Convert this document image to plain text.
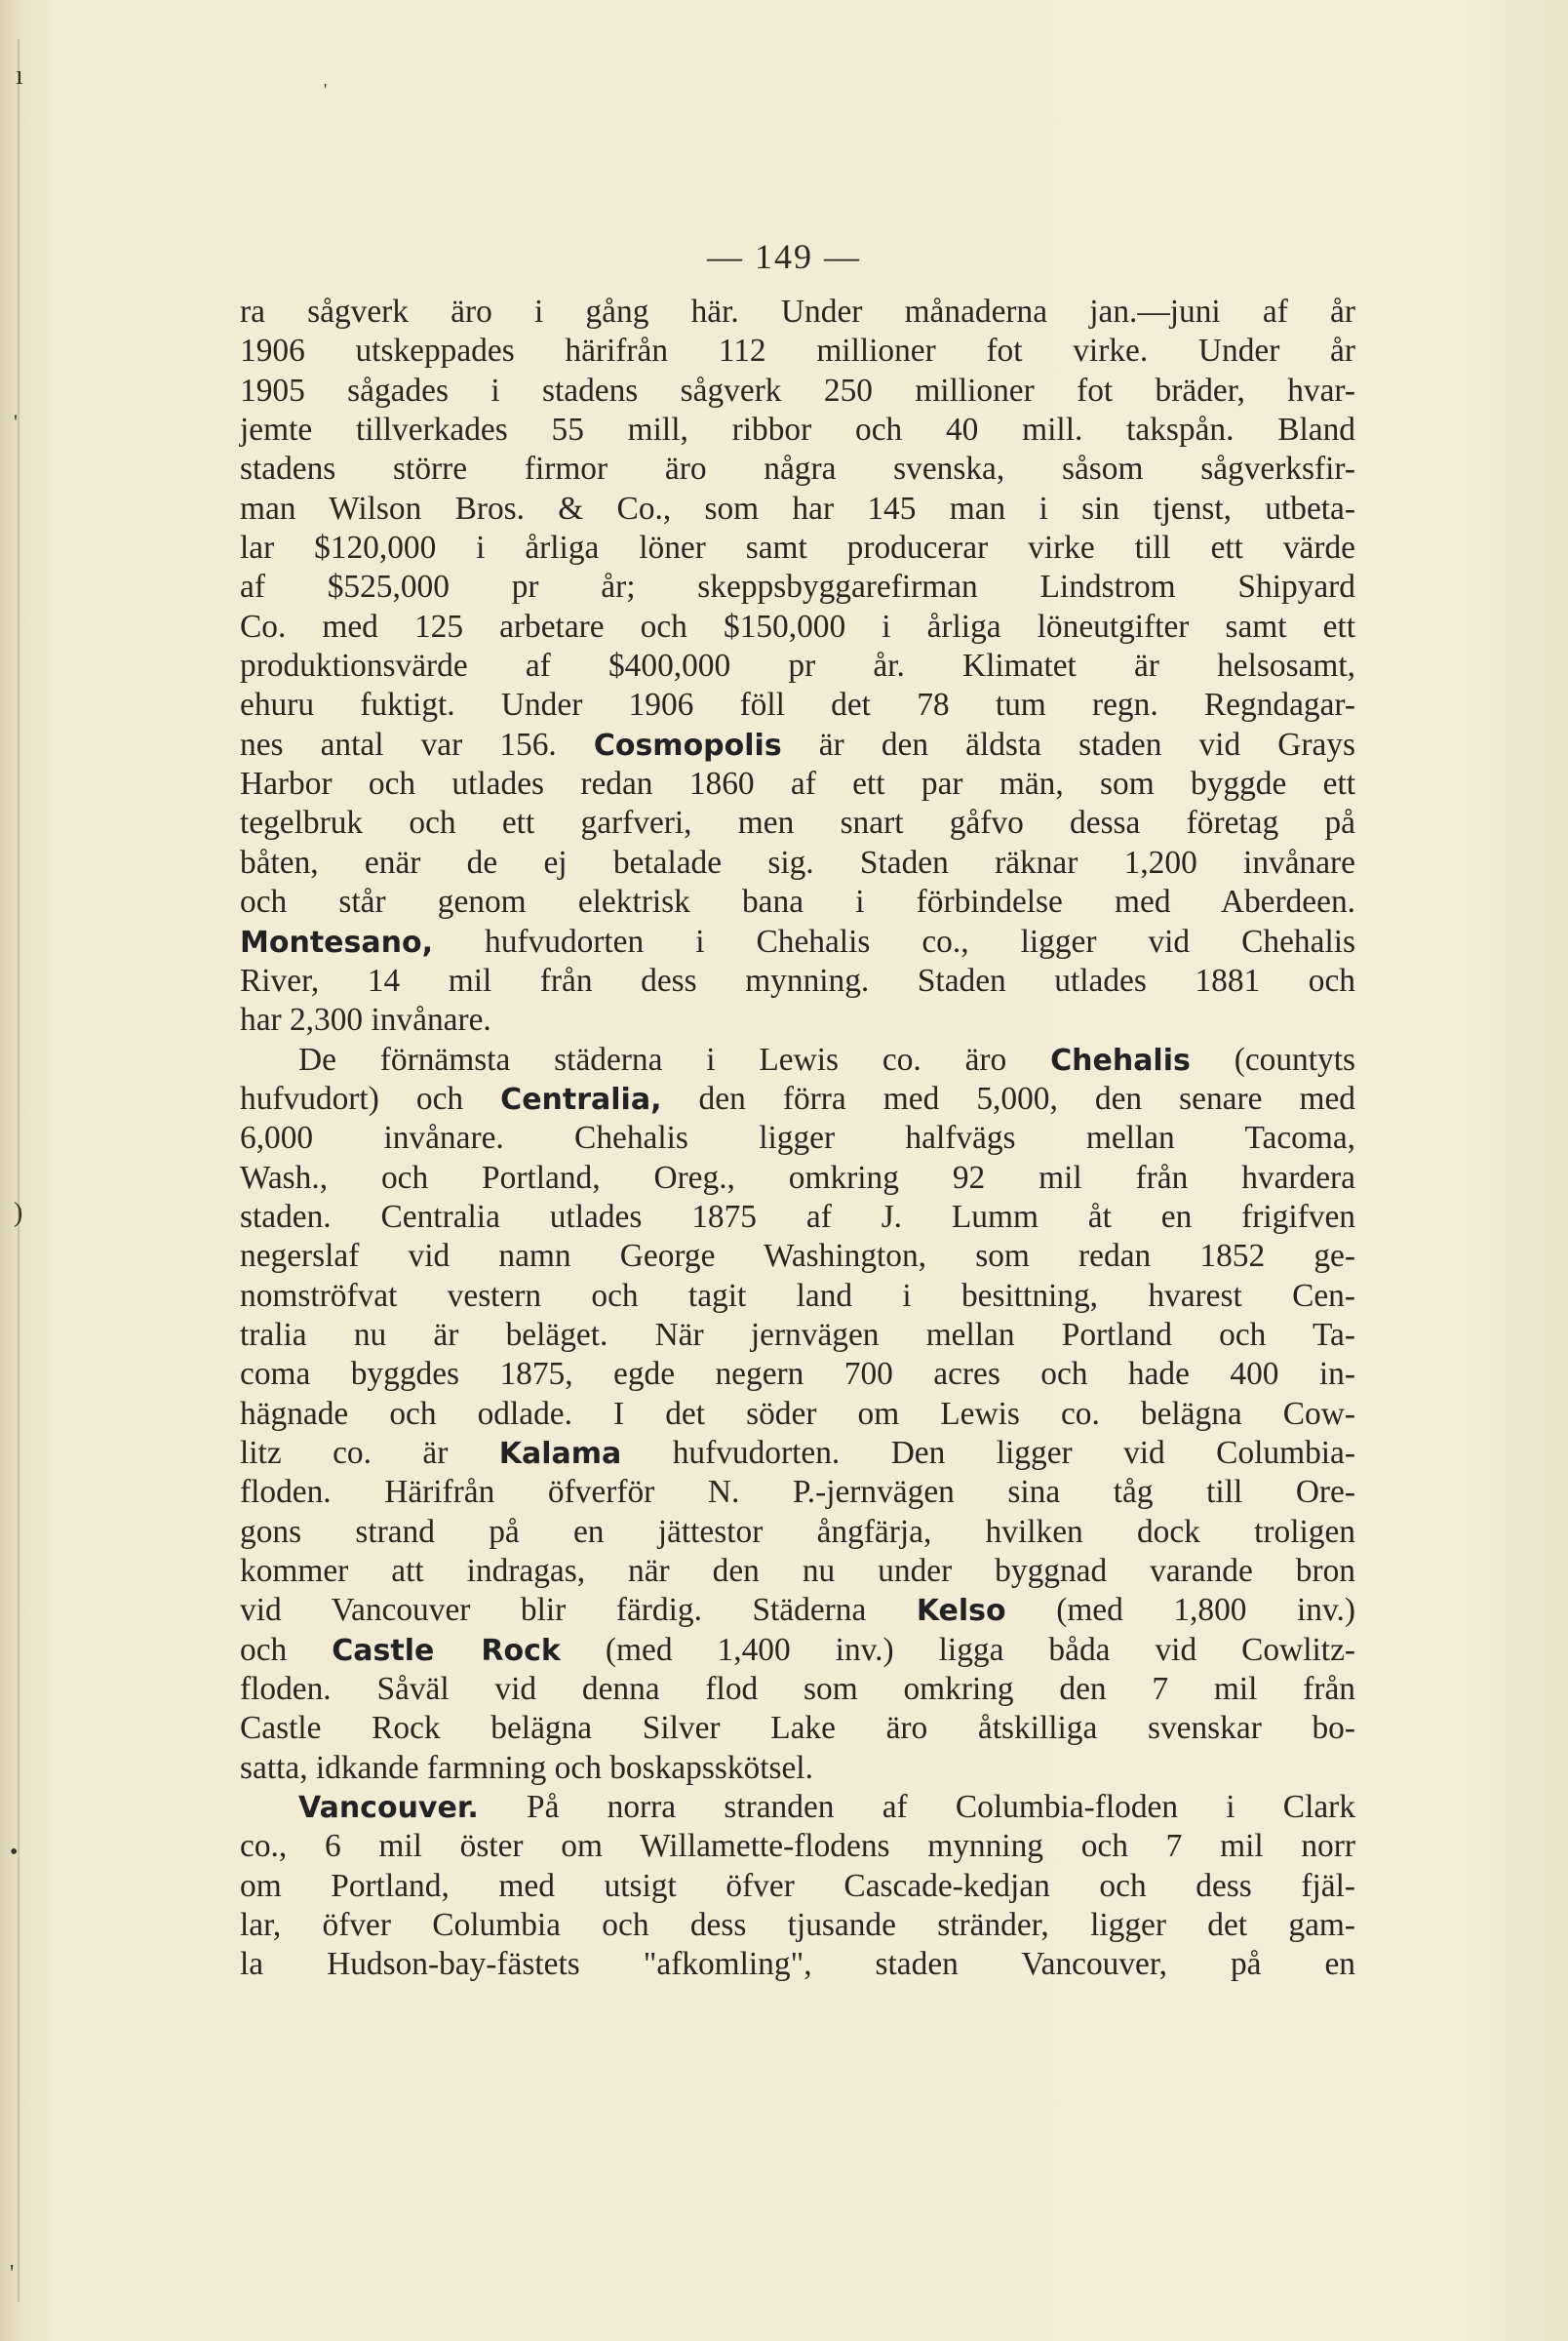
— 149 —
ra sågverk äro i gång här. Under månaderna jan.—juni af år
1906 utskeppades härifrån 112 millioner fot virke. Under år
1905 sågades i stadens sågverk 250 millioner fot bräder, hvar-
jemte tillverkades 55 mill, ribbor och 40 mill. takspån. Bland
stadens större firmor äro några svenska, såsom sågverksfir-
man Wilson Bros. & Co., som har 145 man i sin tjenst, utbeta-
lar $120,000 i årliga löner samt producerar virke till ett värde
af $525,000 pr år; skeppsbyggarefirman Lindstrom Shipyard
Co. med 125 arbetare och $150,000 i årliga löneutgifter samt ett
produktionsvärde af $400,000 pr år. Klimatet är helsosamt,
ehuru fuktigt. Under 1906 föll det 78 tum regn. Regndagar-
nes antal var 156. Cosmopolis är den äldsta staden vid Grays
Harbor och utlades redan 1860 af ett par män, som byggde ett
tegelbruk och ett garfveri, men snart gåfvo dessa företag på
båten, enär de ej betalade sig. Staden räknar 1,200 invånare
och står genom elektrisk bana i förbindelse med Aberdeen.
Montesano, hufvudorten i Chehalis co., ligger vid Chehalis
River, 14 mil från dess mynning. Staden utlades 1881 och
har 2,300 invånare.
De förnämsta städerna i Lewis co. äro Chehalis (countyts
hufvudort) och Centralia, den förra med 5,000, den senare med
6,000 invånare. Chehalis ligger halfvägs mellan Tacoma,
Wash., och Portland, Oreg., omkring 92 mil från hvardera
staden. Centralia utlades 1875 af J. Lumm åt en frigifven
negerslaf vid namn George Washington, som redan 1852 ge-
nomströfvat vestern och tagit land i besittning, hvarest Cen-
tralia nu är beläget. När jernvägen mellan Portland och Ta-
coma byggdes 1875, egde negern 700 acres och hade 400 in-
hägnade och odlade. I det söder om Lewis co. belägna Cow-
litz co. är Kalama hufvudorten. Den ligger vid Columbia-
floden. Härifrån öfverför N. P.-jernvägen sina tåg till Ore-
gons strand på en jättestor ångfärja, hvilken dock troligen
kommer att indragas, när den nu under byggnad varande bron
vid Vancouver blir färdig. Städerna Kelso (med 1,800 inv.)
och Castle Rock (med 1,400 inv.) ligga båda vid Cowlitz-
floden. Såväl vid denna flod som omkring den 7 mil från
Castle Rock belägna Silver Lake äro åtskilliga svenskar bo-
satta, idkande farmning och boskapsskötsel.
Vancouver. På norra stranden af Columbia-floden i Clark
co., 6 mil öster om Willamette-flodens mynning och 7 mil norr
om Portland, med utsigt öfver Cascade-kedjan och dess fjäl-
lar, öfver Columbia och dess tjusande stränder, ligger det gam-
la Hudson-bay-fästets "afkomling", staden Vancouver, på en
ı	'
'
)
•
'
